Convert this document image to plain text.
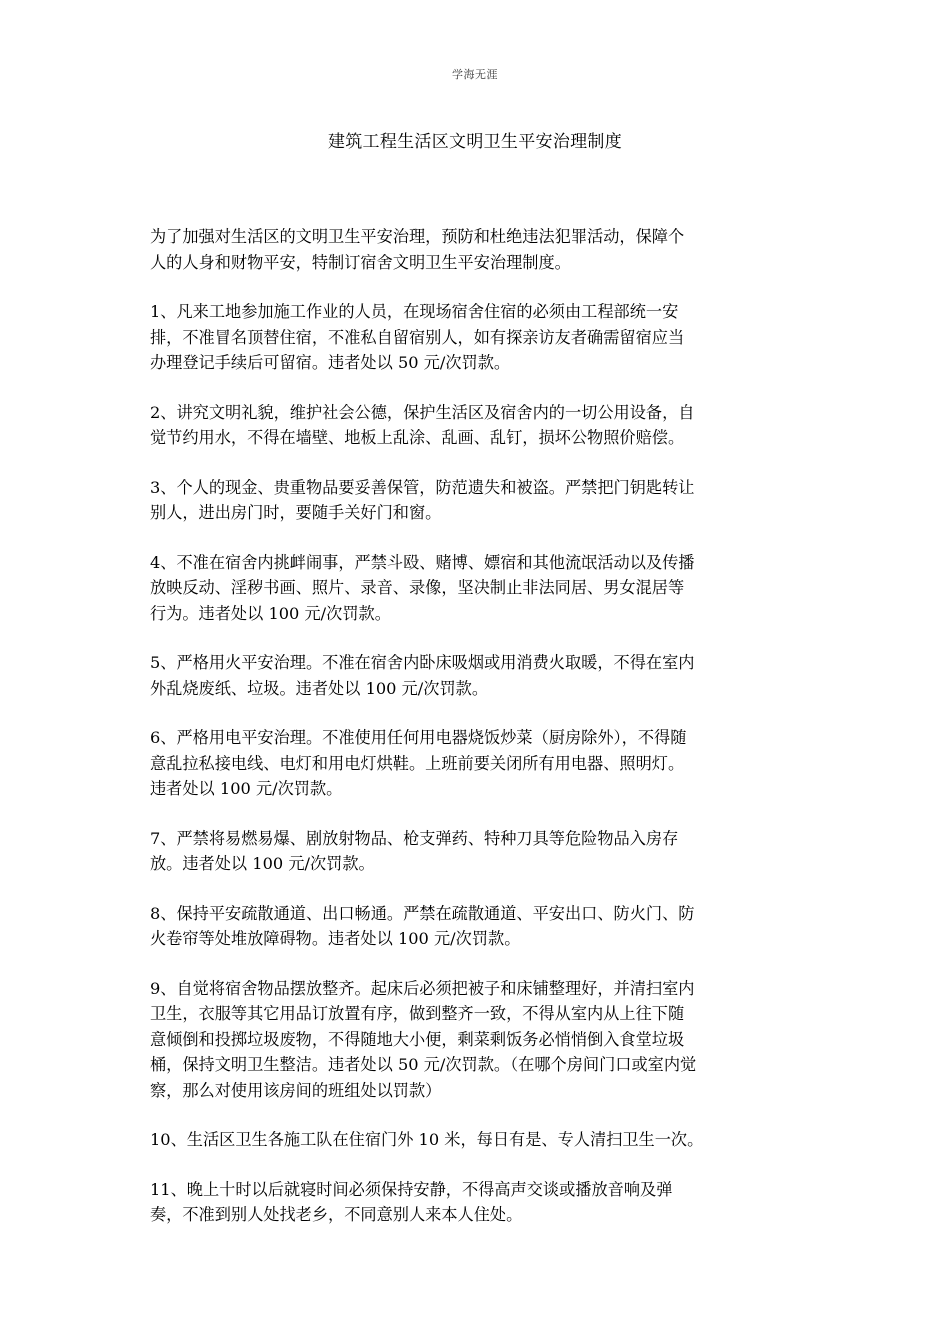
学海无涯
建筑工程生活区文明卫生平安治理制度

为了加强对生活区的文明卫生平安治理，预防和杜绝违法犯罪活动，保障个
人的人身和财物平安，特制订宿舍文明卫生平安治理制度。

1、凡来工地参加施工作业的人员，在现场宿舍住宿的必须由工程部统一安
排，不准冒名顶替住宿，不准私自留宿别人，如有探亲访友者确需留宿应当
办理登记手续后可留宿。违者处以 50 元/次罚款。

2、讲究文明礼貌，维护社会公德，保护生活区及宿舍内的一切公用设备，自
觉节约用水，不得在墙壁、地板上乱涂、乱画、乱钉，损坏公物照价赔偿。

3、个人的现金、贵重物品要妥善保管，防范遗失和被盗。严禁把门钥匙转让
别人，进出房门时，要随手关好门和窗。

4、不准在宿舍内挑衅闹事，严禁斗殴、赌博、嫖宿和其他流氓活动以及传播
放映反动、淫秽书画、照片、录音、录像，坚决制止非法同居、男女混居等
行为。违者处以 100 元/次罚款。

5、严格用火平安治理。不准在宿舍内卧床吸烟或用消费火取暖，不得在室内
外乱烧废纸、垃圾。违者处以 100 元/次罚款。

6、严格用电平安治理。不准使用任何用电器烧饭炒菜（厨房除外），不得随
意乱拉私接电线、电灯和用电灯烘鞋。上班前要关闭所有用电器、照明灯。
违者处以 100 元/次罚款。

7、严禁将易燃易爆、剧放射物品、枪支弹药、特种刀具等危险物品入房存
放。违者处以 100 元/次罚款。

8、保持平安疏散通道、出口畅通。严禁在疏散通道、平安出口、防火门、防
火卷帘等处堆放障碍物。违者处以 100 元/次罚款。

9、自觉将宿舍物品摆放整齐。起床后必须把被子和床铺整理好，并清扫室内
卫生，衣服等其它用品订放置有序，做到整齐一致，不得从室内从上往下随
意倾倒和投掷垃圾废物，不得随地大小便，剩菜剩饭务必悄悄倒入食堂垃圾
桶，保持文明卫生整洁。违者处以 50 元/次罚款。（在哪个房间门口或室内觉
察，那么对使用该房间的班组处以罚款）

10、生活区卫生各施工队在住宿门外 10 米，每日有是、专人清扫卫生一次。

11、晚上十时以后就寝时间必须保持安静，不得高声交谈或播放音响及弹
奏，不准到别人处找老乡，不同意别人来本人住处。
